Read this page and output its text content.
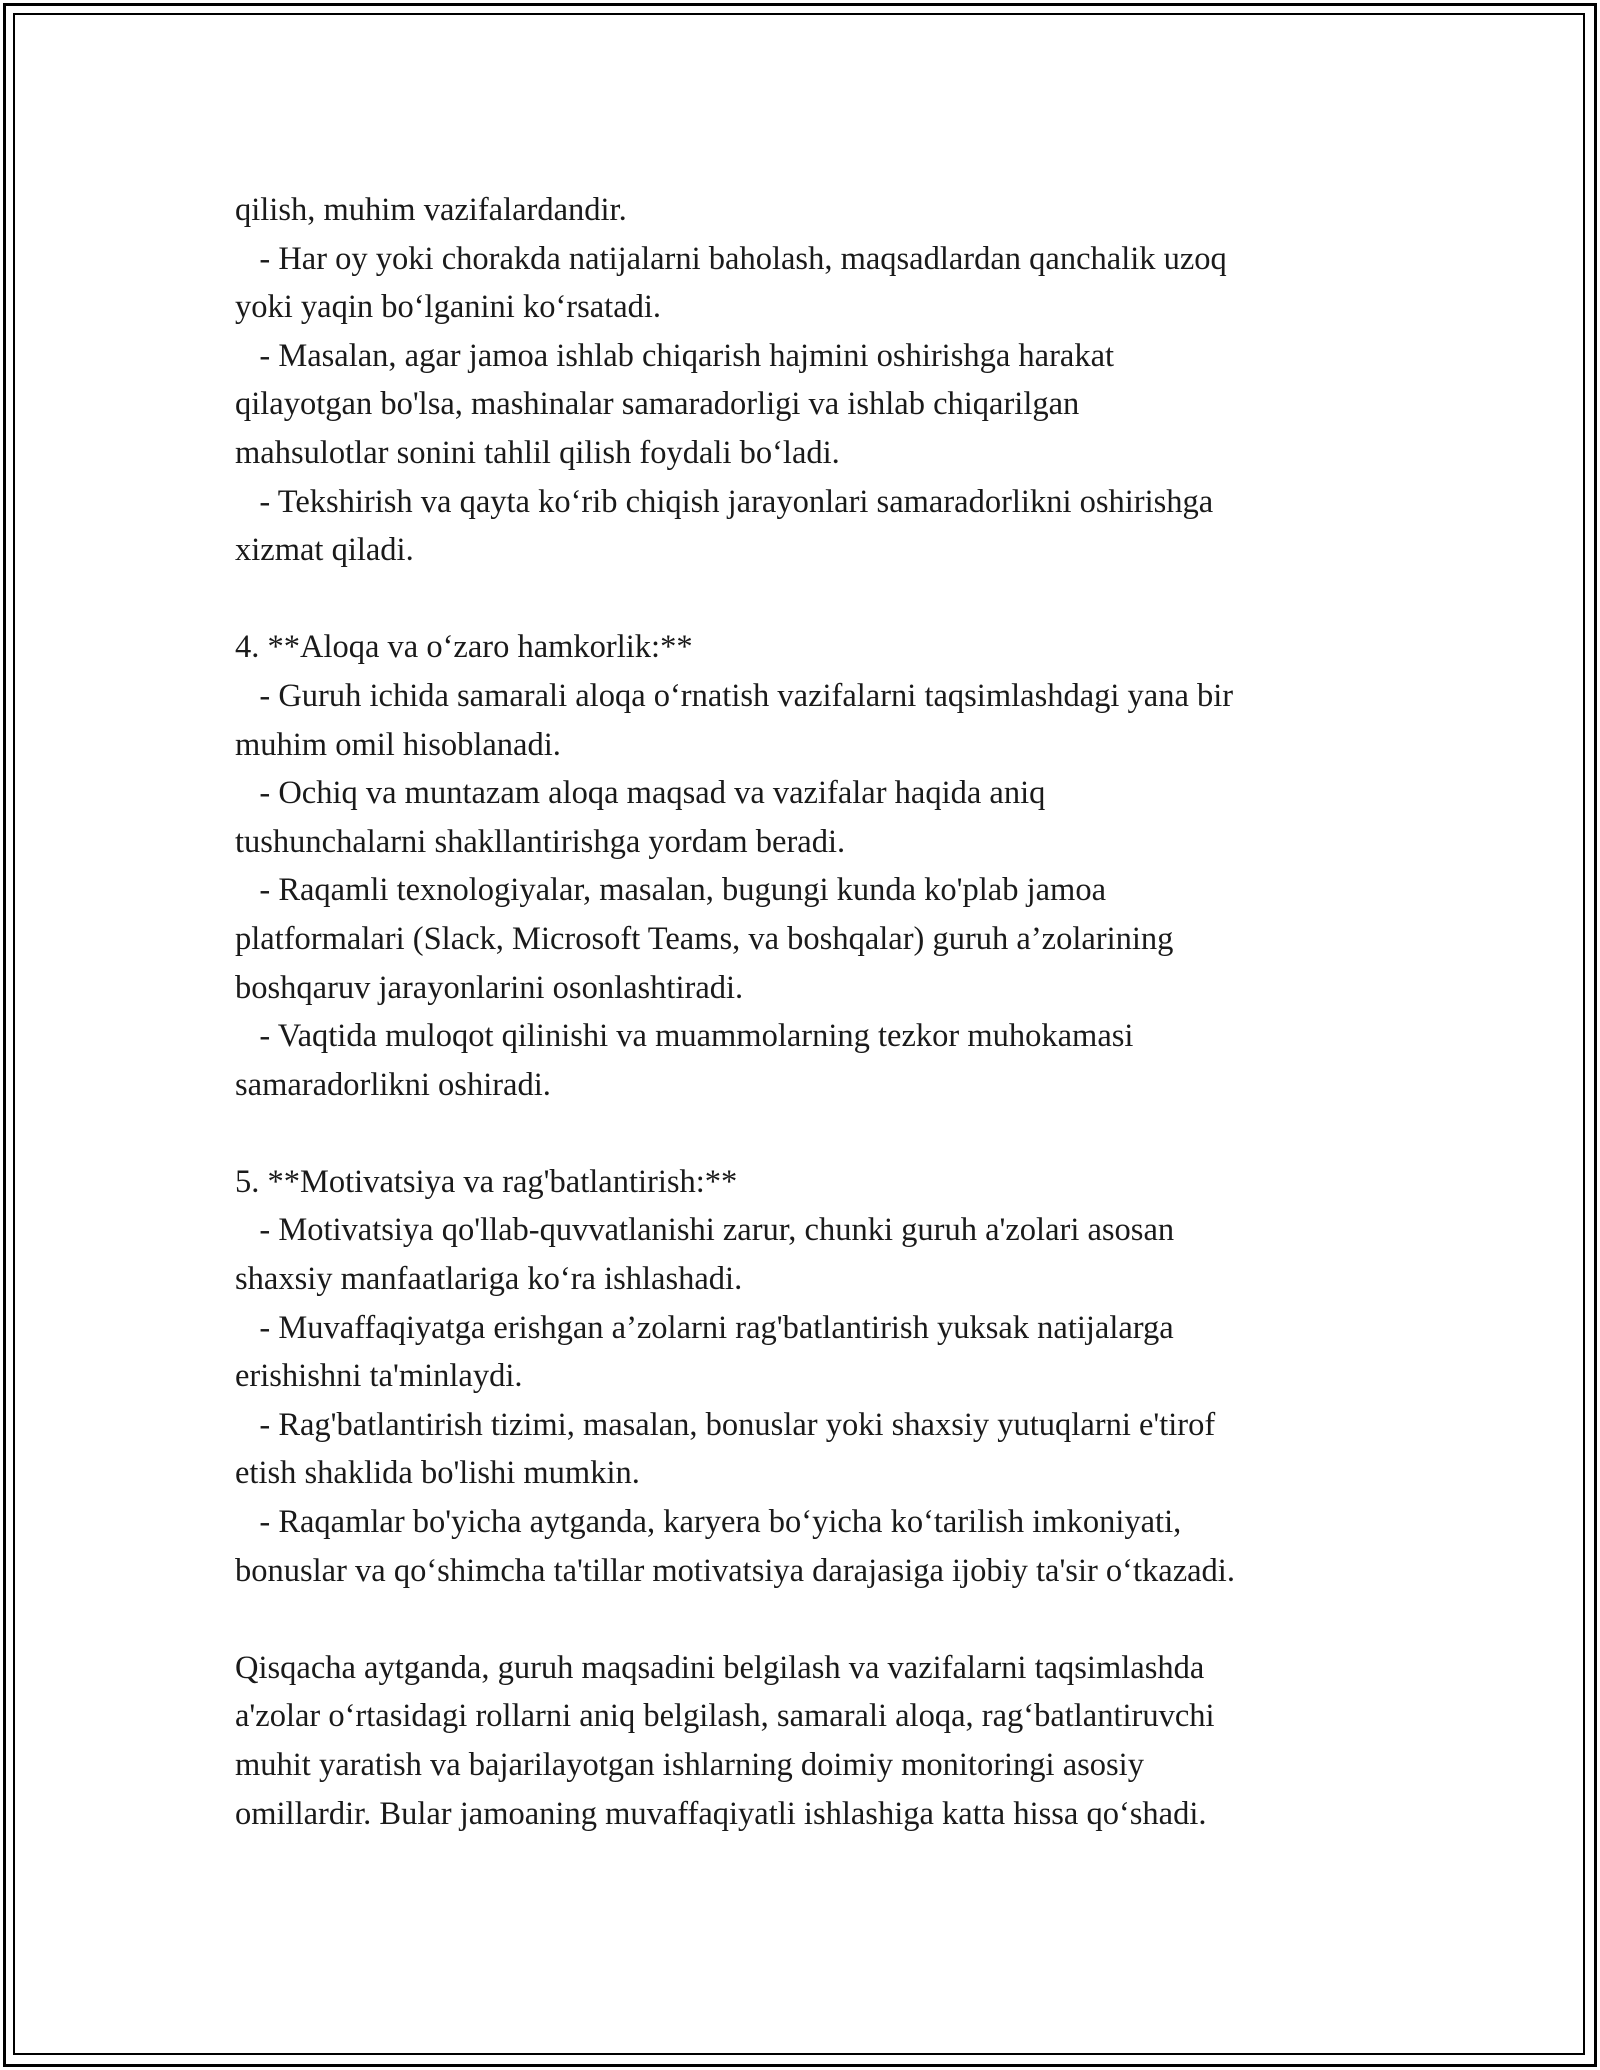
qilish, muhim vazifalardandir.
- Har oy yoki chorakda natijalarni baholash, maqsadlardan qanchalik uzoq
yoki yaqin bo‘lganini ko‘rsatadi.
- Masalan, agar jamoa ishlab chiqarish hajmini oshirishga harakat
qilayotgan bo'lsa, mashinalar samaradorligi va ishlab chiqarilgan
mahsulotlar sonini tahlil qilish foydali bo‘ladi.
- Tekshirish va qayta ko‘rib chiqish jarayonlari samaradorlikni oshirishga
xizmat qiladi.
4. **Aloqa va o‘zaro hamkorlik:**
- Guruh ichida samarali aloqa o‘rnatish vazifalarni taqsimlashdagi yana bir
muhim omil hisoblanadi.
- Ochiq va muntazam aloqa maqsad va vazifalar haqida aniq
tushunchalarni shakllantirishga yordam beradi.
- Raqamli texnologiyalar, masalan, bugungi kunda ko'plab jamoa
platformalari (Slack, Microsoft Teams, va boshqalar) guruh a’zolarining
boshqaruv jarayonlarini osonlashtiradi.
- Vaqtida muloqot qilinishi va muammolarning tezkor muhokamasi
samaradorlikni oshiradi.
5. **Motivatsiya va rag'batlantirish:**
- Motivatsiya qo'llab-quvvatlanishi zarur, chunki guruh a'zolari asosan
shaxsiy manfaatlariga ko‘ra ishlashadi.
- Muvaffaqiyatga erishgan a’zolarni rag'batlantirish yuksak natijalarga
erishishni ta'minlaydi.
- Rag'batlantirish tizimi, masalan, bonuslar yoki shaxsiy yutuqlarni e'tirof
etish shaklida bo'lishi mumkin.
- Raqamlar bo'yicha aytganda, karyera bo‘yicha ko‘tarilish imkoniyati,
bonuslar va qo‘shimcha ta'tillar motivatsiya darajasiga ijobiy ta'sir o‘tkazadi.
Qisqacha aytganda, guruh maqsadini belgilash va vazifalarni taqsimlashda
a'zolar o‘rtasidagi rollarni aniq belgilash, samarali aloqa, rag‘batlantiruvchi
muhit yaratish va bajarilayotgan ishlarning doimiy monitoringi asosiy
omillardir. Bular jamoaning muvaffaqiyatli ishlashiga katta hissa qo‘shadi.
